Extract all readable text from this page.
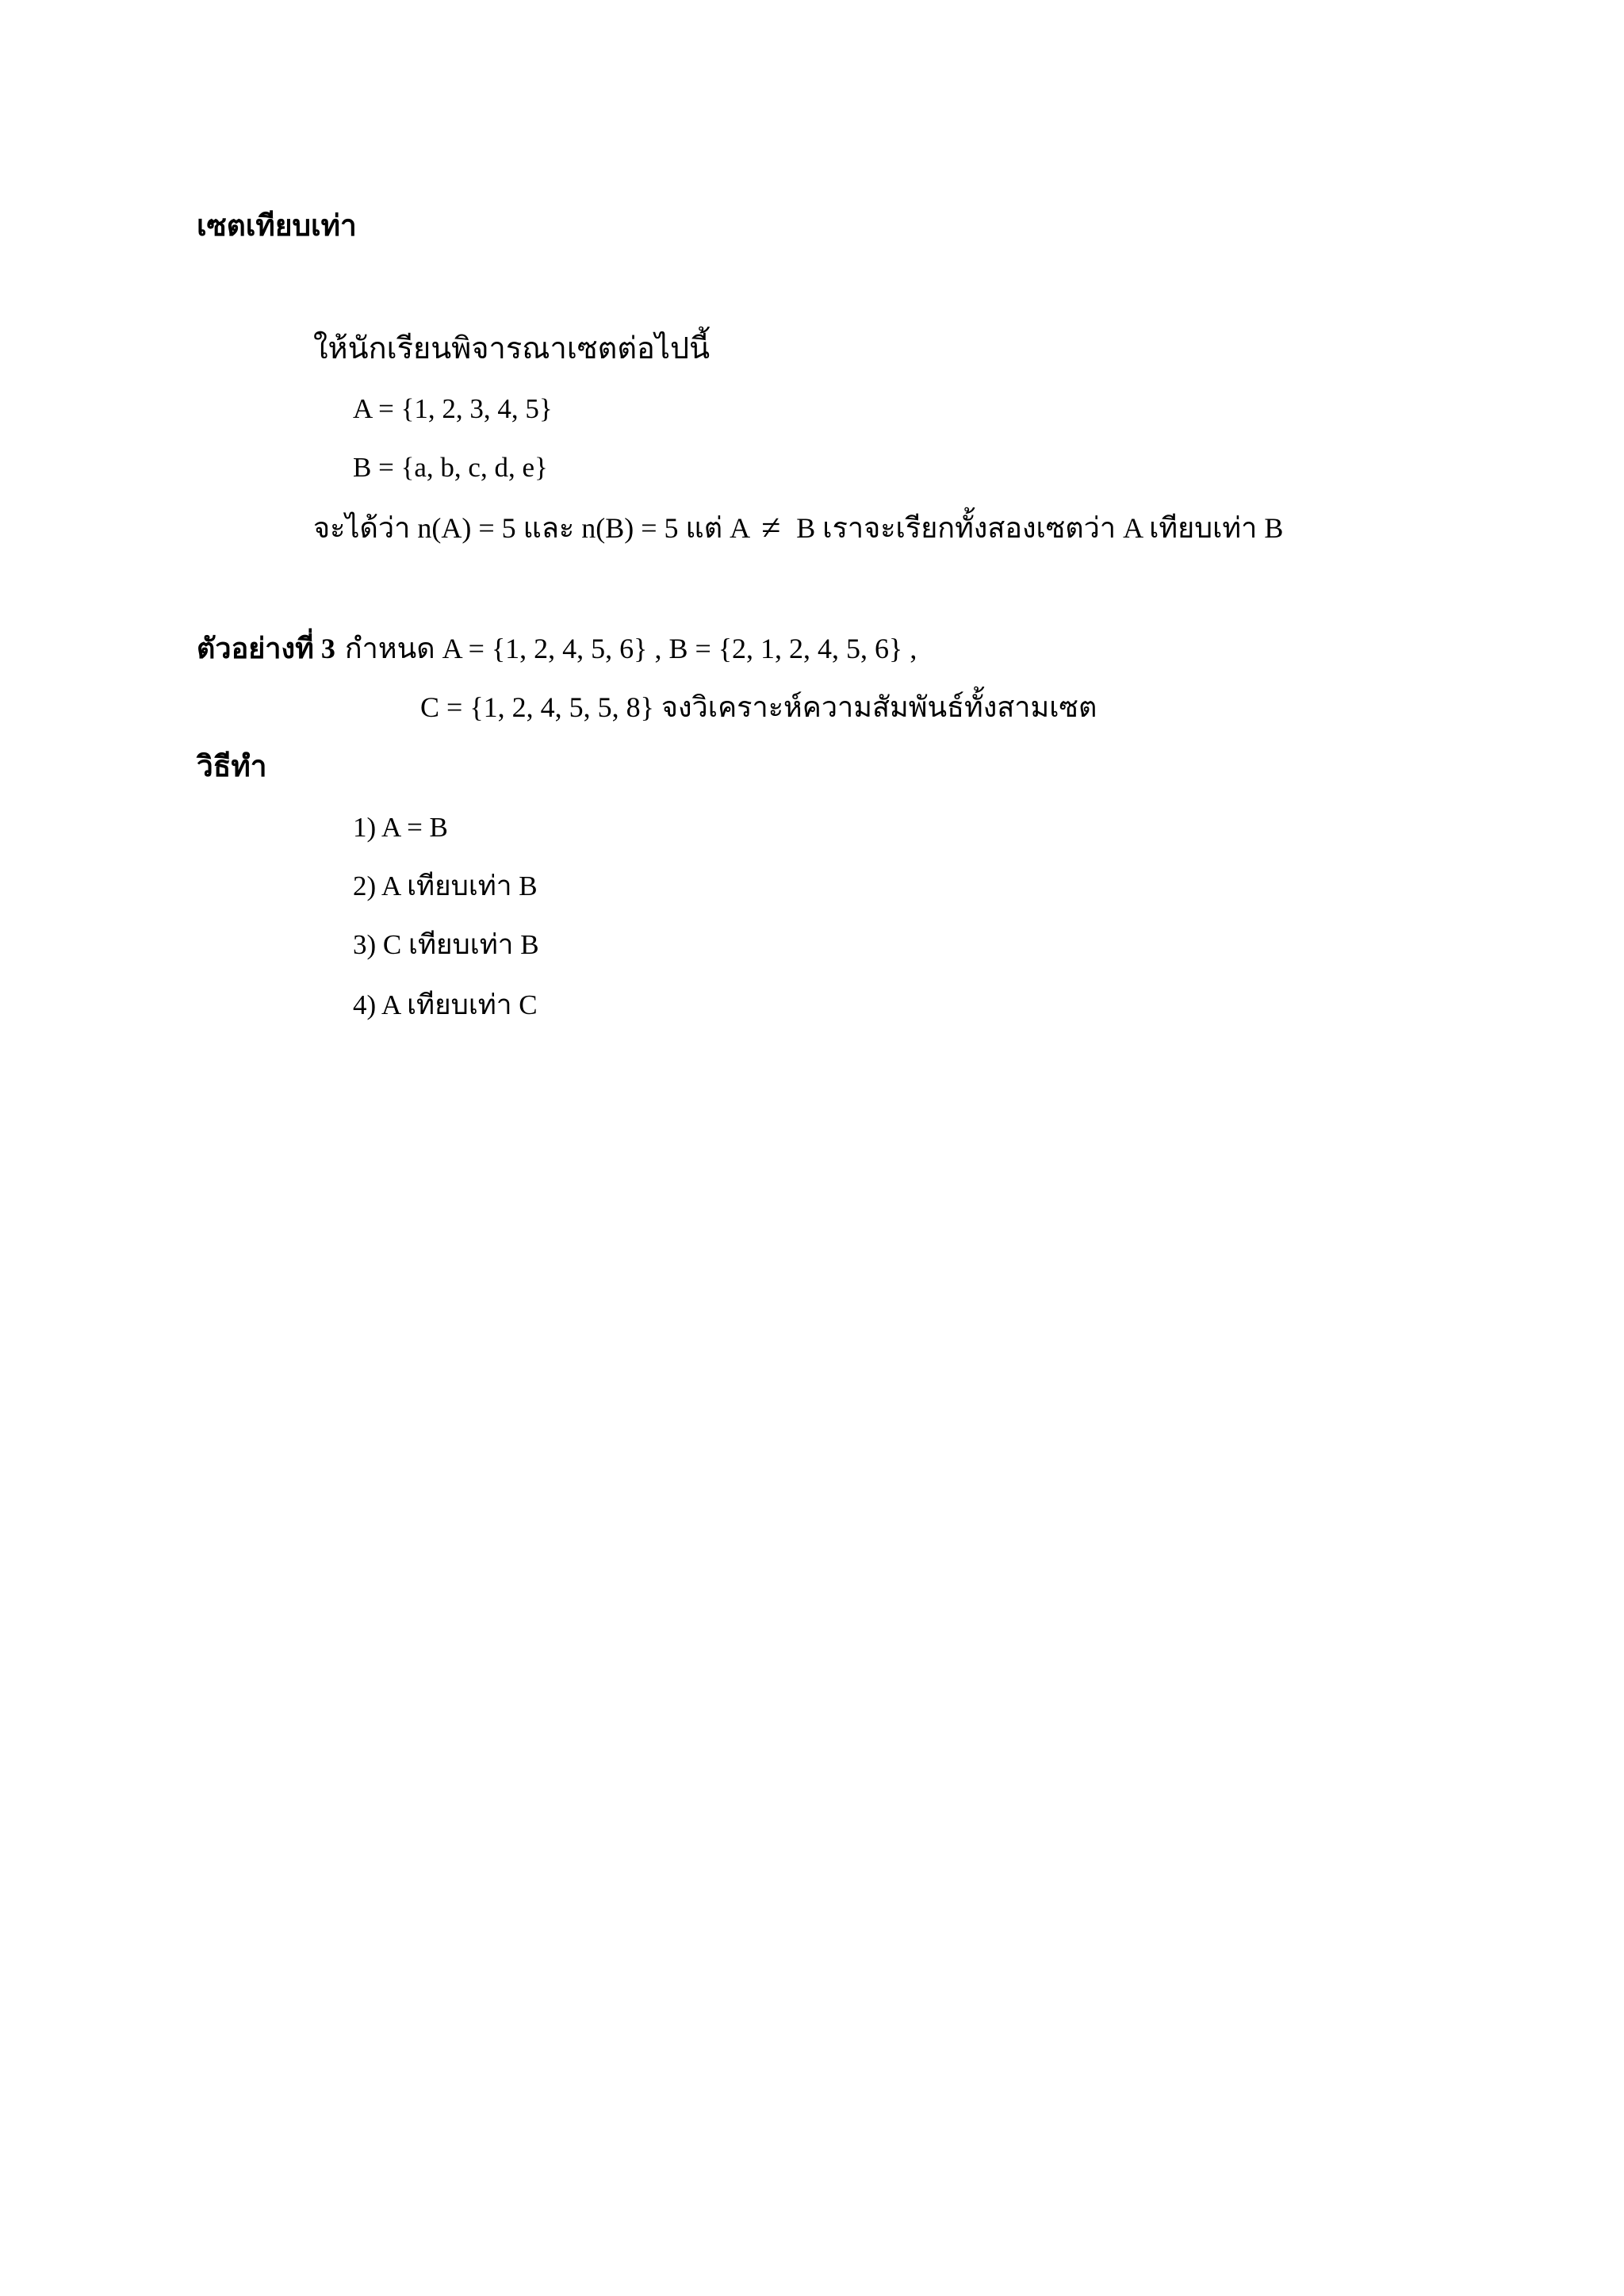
เซตเทียบเท่า
ให้นักเรียนพิจารณาเซตต่อไปนี้
A = {1, 2, 3, 4, 5}
B = {a, b, c, d, e}
จะได้ว่า n(A) = 5 และ n(B) = 5 แต่ A ≠ B เราจะเรียกทั้งสองเซตว่า A เทียบเท่า B
ตัวอย่างที่ 3 กำหนด A = {1, 2, 4, 5, 6} , B = {2, 1, 2, 4, 5, 6} ,
C = {1, 2, 4, 5, 5, 8} จงวิเคราะห์ความสัมพันธ์ทั้งสามเซต
วิธีทำ
1) A = B
2) A เทียบเท่า B
3) C เทียบเท่า B
4) A เทียบเท่า C
